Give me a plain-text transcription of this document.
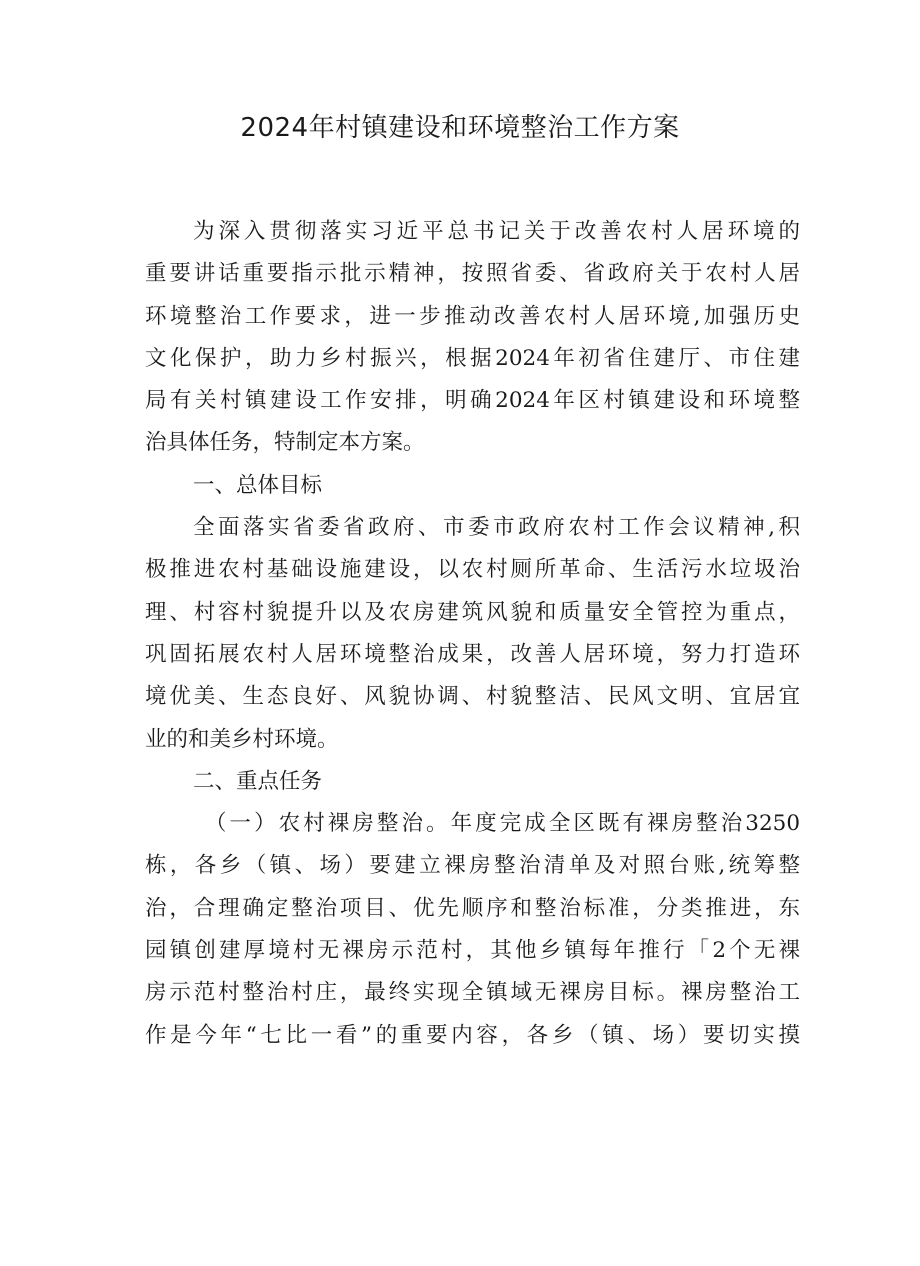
2024年村镇建设和环境整治工作方案
为深入贯彻落实习近平总书记关于改善农村人居环境的
重要讲话重要指示批示精神，按照省委、省政府关于农村人居
环境整治工作要求，进一步推动改善农村人居环境,加强历史
文化保护，助力乡村振兴，根据2024年初省住建厅、市住建
局有关村镇建设工作安排，明确2024年区村镇建设和环境整
治具体任务，特制定本方案。
一、总体目标
全面落实省委省政府、市委市政府农村工作会议精神,积
极推进农村基础设施建设，以农村厕所革命、生活污水垃圾治
理、村容村貌提升以及农房建筑风貌和质量安全管控为重点，
巩固拓展农村人居环境整治成果，改善人居环境，努力打造环
境优美、生态良好、风貌协调、村貌整洁、民风文明、宜居宜
业的和美乡村环境。
二、重点任务
（一）农村裸房整治。年度完成全区既有裸房整治3250
栋，各乡（镇、场）要建立裸房整治清单及对照台账,统筹整
治，合理确定整治项目、优先顺序和整治标准，分类推进，东
园镇创建厚境村无裸房示范村，其他乡镇每年推行「2个无裸
房示范村整治村庄，最终实现全镇域无裸房目标。裸房整治工
作是今年“七比一看”的重要内容，各乡（镇、场）要切实摸
